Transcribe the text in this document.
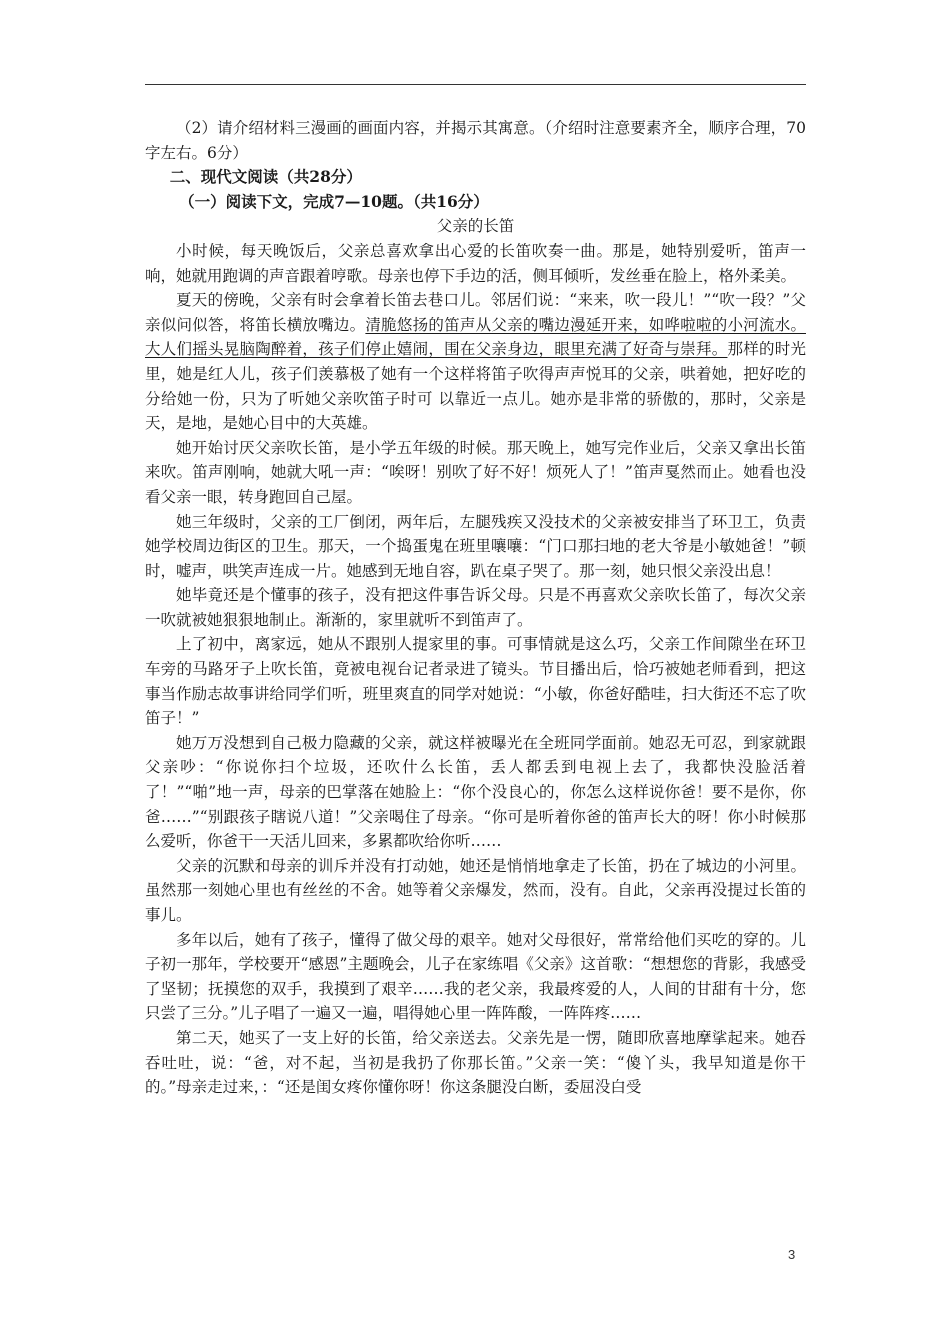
（2）请介绍材料三漫画的画面内容，并揭示其寓意。（介绍时注意要素齐全，顺序合理，70字左右。6分）

二、现代文阅读（共28分）

（一）阅读下文，完成7—10题。（共16分）

父亲的长笛

小时候，每天晚饭后，父亲总喜欢拿出心爱的长笛吹奏一曲。那是，她特别爱听，笛声一响，她就用跑调的声音跟着哼歌。母亲也停下手边的活，侧耳倾听，发丝垂在脸上，格外柔美。

夏天的傍晚，父亲有时会拿着长笛去巷口儿。邻居们说：“来来，吹一段儿！”“吹一段？”父亲似问似答，将笛长横放嘴边。清脆悠扬的笛声从父亲的嘴边漫延开来，如哗啦啦的小河流水。大人们摇头晃脑陶醉着，孩子们停止嬉闹，围在父亲身边，眼里充满了好奇与崇拜。那样的时光里，她是红人儿，孩子们羡慕极了她有一个这样将笛子吹得声声悦耳的父亲，哄着她，把好吃的分给她一份，只为了听她父亲吹笛子时可 以靠近一点儿。她亦是非常的骄傲的，那时，父亲是天，是地，是她心目中的大英雄。

她开始讨厌父亲吹长笛，是小学五年级的时候。那天晚上，她写完作业后，父亲又拿出长笛来吹。笛声刚响，她就大吼一声：“唉呀！别吹了好不好！烦死人了！”笛声戛然而止。她看也没看父亲一眼，转身跑回自己屋。

她三年级时，父亲的工厂倒闭，两年后，左腿残疾又没技术的父亲被安排当了环卫工，负责她学校周边街区的卫生。那天，一个捣蛋鬼在班里嚷嚷：“门口那扫地的老大爷是小敏她爸！”顿时，嘘声，哄笑声连成一片。她感到无地自容，趴在桌子哭了。那一刻，她只恨父亲没出息！

她毕竟还是个懂事的孩子，没有把这件事告诉父母。只是不再喜欢父亲吹长笛了，每次父亲一吹就被她狠狠地制止。渐渐的，家里就听不到笛声了。

上了初中，离家远，她从不跟别人提家里的事。可事情就是这么巧，父亲工作间隙坐在环卫车旁的马路牙子上吹长笛，竟被电视台记者录进了镜头。节目播出后，恰巧被她老师看到，把这事当作励志故事讲给同学们听，班里爽直的同学对她说：“小敏，你爸好酷哇，扫大街还不忘了吹笛子！”

她万万没想到自己极力隐藏的父亲，就这样被曝光在全班同学面前。她忍无可忍，到家就跟父亲吵：“你说你扫个垃圾，还吹什么长笛，丢人都丢到电视上去了，我都快没脸活着了！”“啪”地一声，母亲的巴掌落在她脸上：“你个没良心的，你怎么这样说你爸！要不是你，你爸……”“别跟孩子瞎说八道！”父亲喝住了母亲。“你可是听着你爸的笛声长大的呀！你小时候那么爱听，你爸干一天活儿回来，多累都吹给你听……

父亲的沉默和母亲的训斥并没有打动她，她还是悄悄地拿走了长笛，扔在了城边的小河里。虽然那一刻她心里也有丝丝的不舍。她等着父亲爆发，然而，没有。自此，父亲再没提过长笛的事儿。

多年以后，她有了孩子，懂得了做父母的艰辛。她对父母很好，常常给他们买吃的穿的。儿子初一那年，学校要开“感恩”主题晚会，儿子在家练唱《父亲》这首歌：“想想您的背影，我感受了坚韧；抚摸您的双手，我摸到了艰辛……我的老父亲，我最疼爱的人，人间的甘甜有十分，您只尝了三分。”儿子唱了一遍又一遍，唱得她心里一阵阵酸，一阵阵疼……

第二天，她买了一支上好的长笛，给父亲送去。父亲先是一愣，随即欣喜地摩挲起来。她吞吞吐吐，说：“爸，对不起，当初是我扔了你那长笛。”父亲一笑：“傻丫头，我早知道是你干的。”母亲走过来，：“还是闺女疼你懂你呀！你这条腿没白断，委屈没白受

3
